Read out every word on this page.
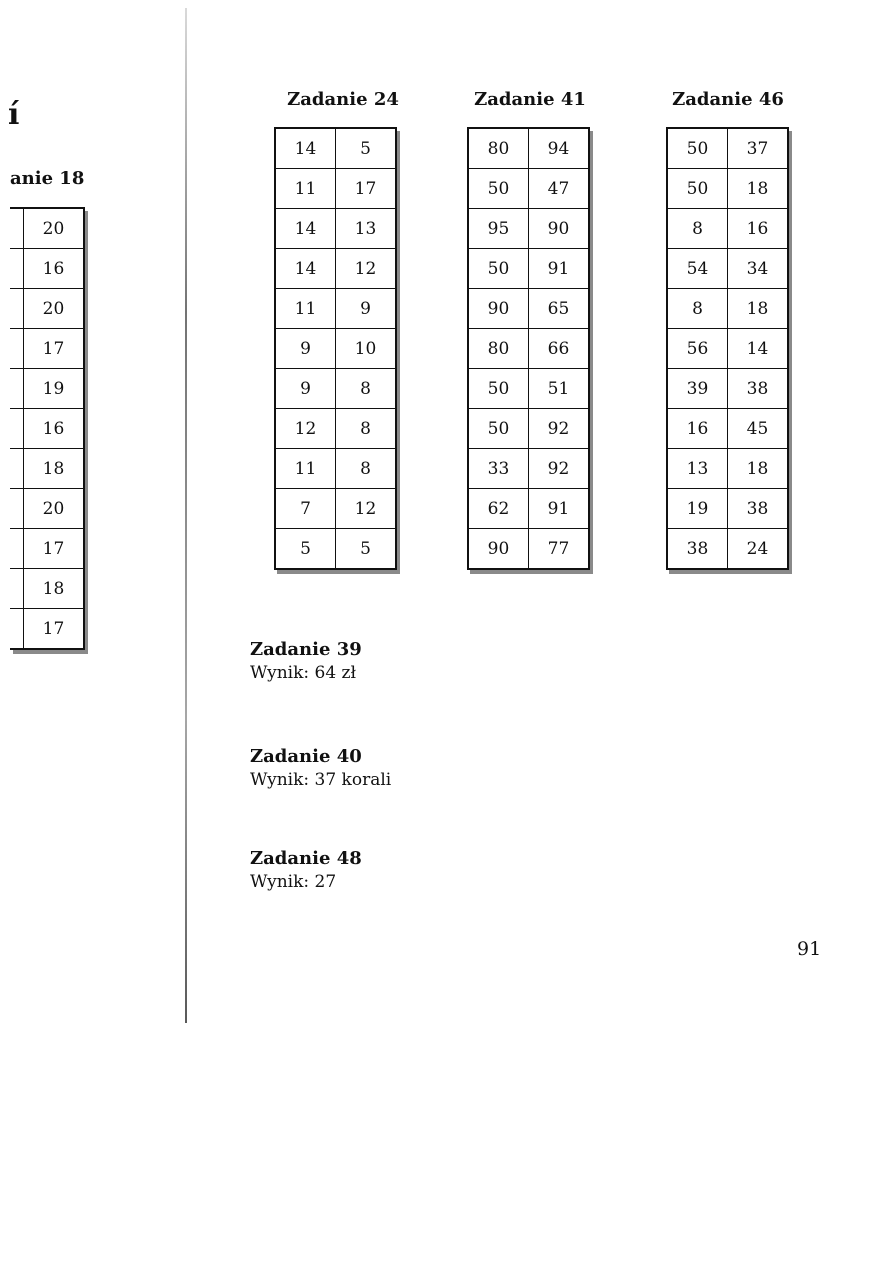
í
anie 18
	20
	16
	20
	17
	19
	16
	18
	20
	17
	18
	17
Zadanie 24
14	5
11	17
14	13
14	12
11	9
9	10
9	8
12	8
11	8
7	12
5	5
Zadanie 41
80	94
50	47
95	90
50	91
90	65
80	66
50	51
50	92
33	92
62	91
90	77
Zadanie 46
50	37
50	18
8	16
54	34
8	18
56	14
39	38
16	45
13	18
19	38
38	24
Zadanie 39
Wynik: 64 zł
Zadanie 40
Wynik: 37 korali
Zadanie 48
Wynik: 27
91
